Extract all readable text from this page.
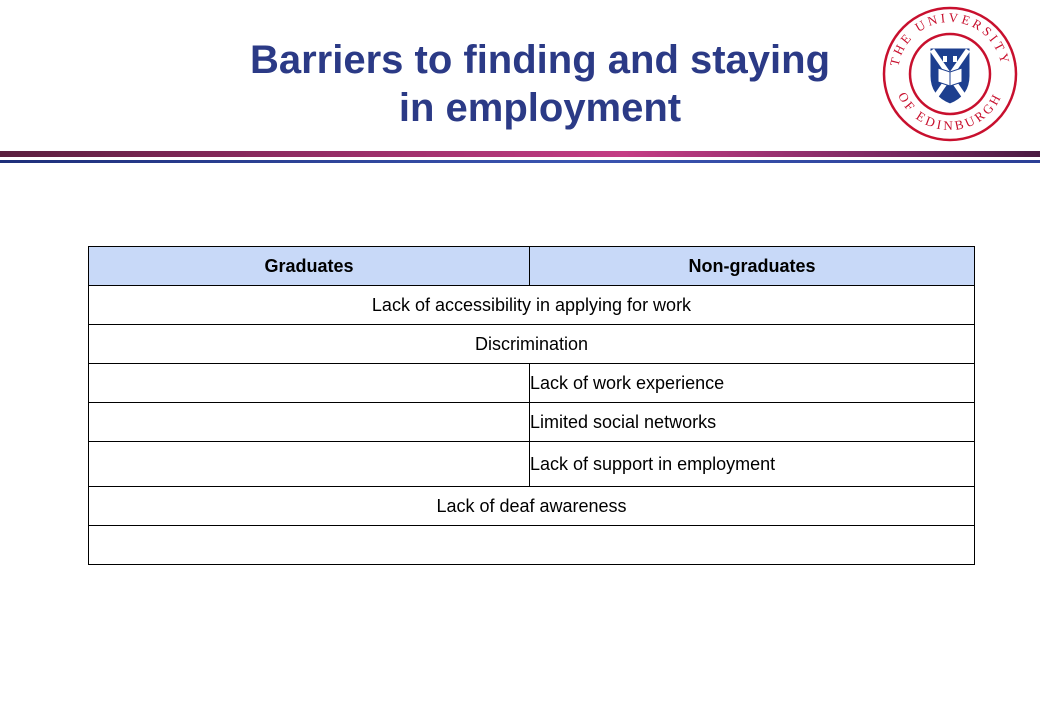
Barriers to finding and staying
in employment
THE UNIVERSITY
OF EDINBURGH
Graduates	Non-graduates
Lack of accessibility in applying for work	
Discrimination	
	Lack of work experience
	Limited social networks
	Lack of support in employment
Lack of deaf awareness	
